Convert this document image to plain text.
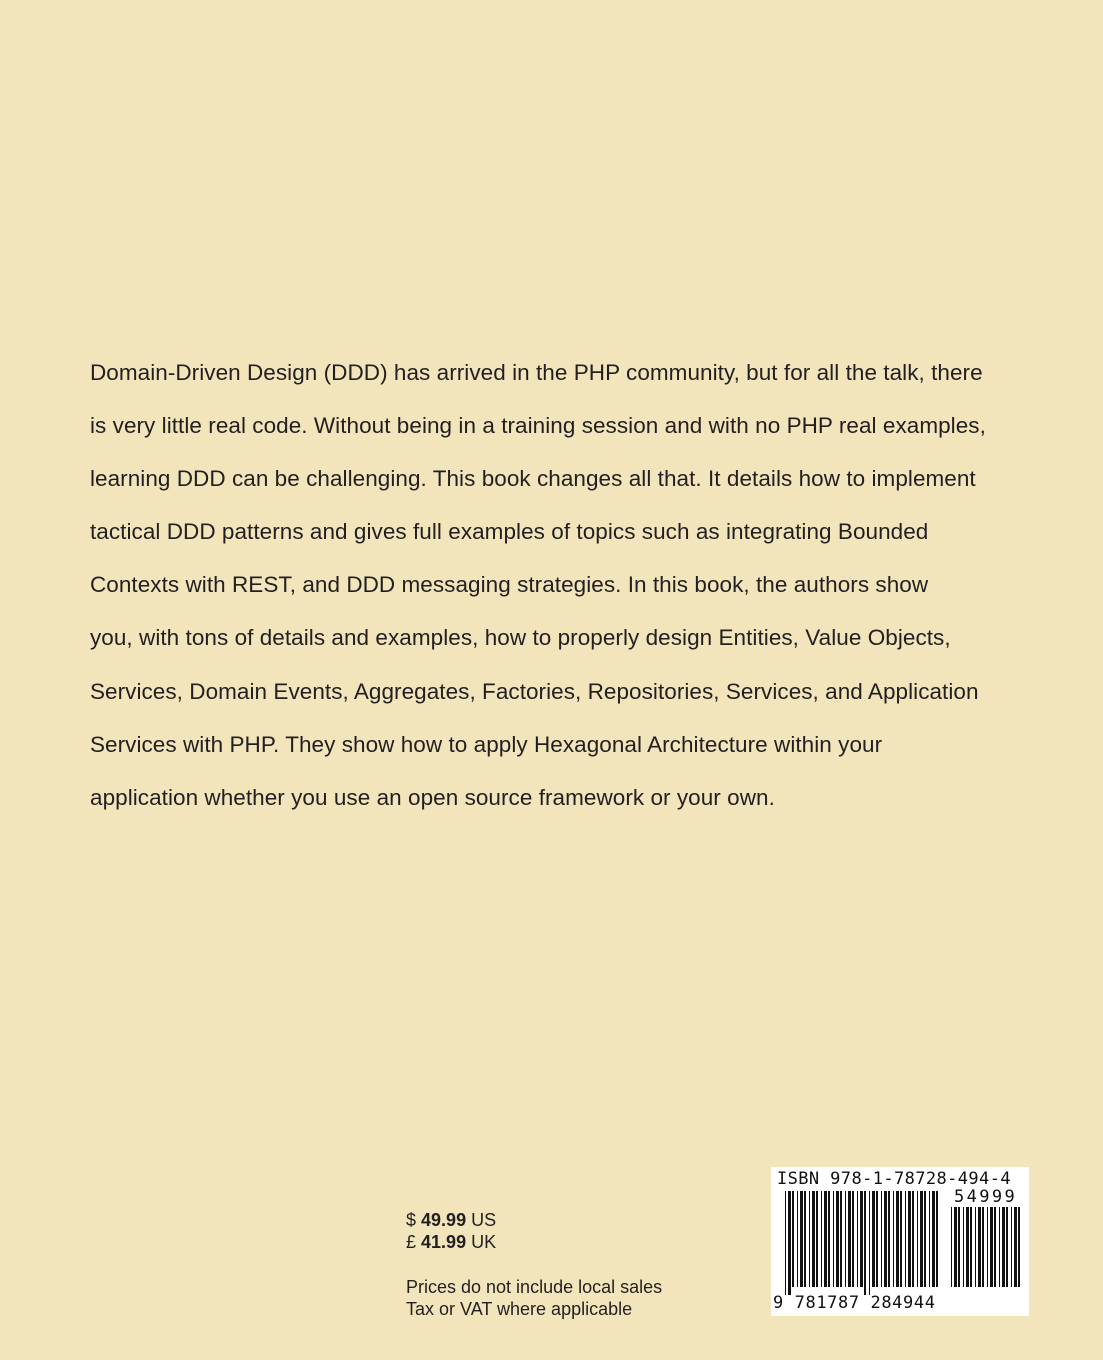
Domain-Driven Design (DDD) has arrived in the PHP community, but for all the talk, there
is very little real code. Without being in a training session and with no PHP real examples,
learning DDD can be challenging. This book changes all that. It details how to implement
tactical DDD patterns and gives full examples of topics such as integrating Bounded
Contexts with REST, and DDD messaging strategies. In this book, the authors show
you, with tons of details and examples, how to properly design Entities, Value Objects,
Services, Domain Events, Aggregates, Factories, Repositories, Services, and Application
Services with PHP. They show how to apply Hexagonal Architecture within your
application whether you use an open source framework or your own.
$ 49.99 US
£ 41.99 UK
Prices do not include local sales
Tax or VAT where applicable
ISBN 978-1-78728-494-4
54999
9 781787 284944
